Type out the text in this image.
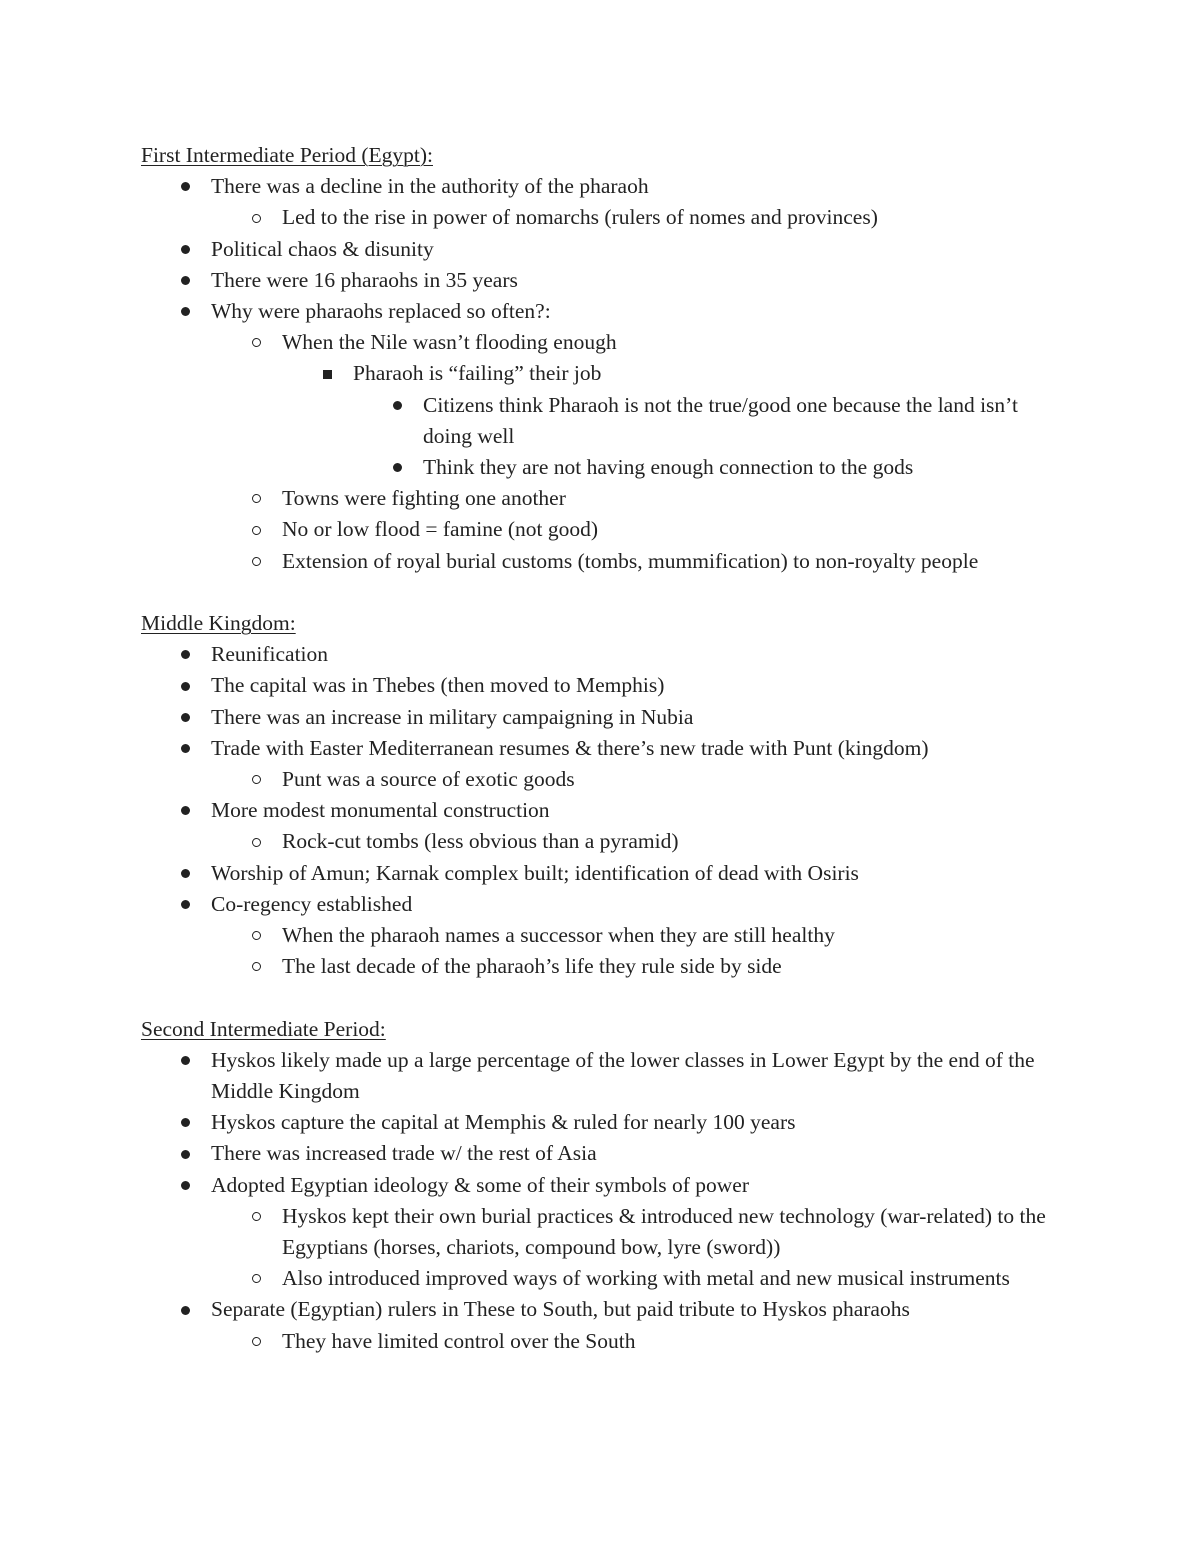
First Intermediate Period (Egypt):
There was a decline in the authority of the pharaoh
Led to the rise in power of nomarchs (rulers of nomes and provinces)
Political chaos & disunity
There were 16 pharaohs in 35 years
Why were pharaohs replaced so often?:
When the Nile wasn’t flooding enough
Pharaoh is “failing” their job
Citizens think Pharaoh is not the true/good one because the land isn’t doing well
Think they are not having enough connection to the gods
Towns were fighting one another
No or low flood = famine (not good)
Extension of royal burial customs (tombs, mummification) to non-royalty people
Middle Kingdom:
Reunification
The capital was in Thebes (then moved to Memphis)
There was an increase in military campaigning in Nubia
Trade with Easter Mediterranean resumes & there’s new trade with Punt (kingdom)
Punt was a source of exotic goods
More modest monumental construction
Rock-cut tombs (less obvious than a pyramid)
Worship of Amun; Karnak complex built; identification of dead with Osiris
Co-regency established
When the pharaoh names a successor when they are still healthy
The last decade of the pharaoh’s life they rule side by side
Second Intermediate Period:
Hyskos likely made up a large percentage of the lower classes in Lower Egypt by the end of the Middle Kingdom
Hyskos capture the capital at Memphis & ruled for nearly 100 years
There was increased trade w/ the rest of Asia
Adopted Egyptian ideology & some of their symbols of power
Hyskos kept their own burial practices & introduced new technology (war-related) to the Egyptians (horses, chariots, compound bow, lyre (sword))
Also introduced improved ways of working with metal and new musical instruments
Separate (Egyptian) rulers in These to South, but paid tribute to Hyskos pharaohs
They have limited control over the South
